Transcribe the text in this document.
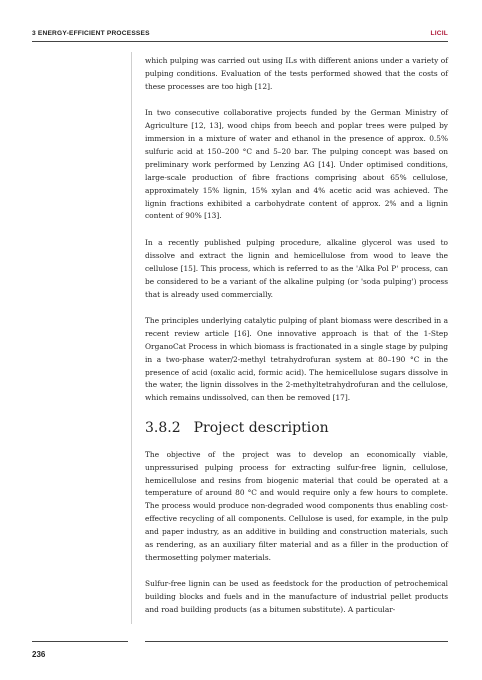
3 ENERGY-EFFICIENT PROCESSES	LICIL

which pulping was carried out using ILs with different anions under a variety of pulping conditions. Evaluation of the tests performed showed that the costs of these processes are too high [12].

In two consecutive collaborative projects funded by the German Ministry of Agriculture [12, 13], wood chips from beech and poplar trees were pulped by immersion in a mixture of water and ethanol in the presence of approx. 0.5% sulfuric acid at 150–200 °C and 5–20 bar. The pulping concept was based on preliminary work performed by Lenzing AG [14]. Under optimised conditions, large-scale production of fibre fractions comprising about 65% cellulose, approximately 15% lignin, 15% xylan and 4% acetic acid was achieved. The lignin fractions exhibited a carbohydrate content of approx. 2% and a lignin content of 90% [13].

In a recently published pulping procedure, alkaline glycerol was used to dissolve and extract the lignin and hemicellulose from wood to leave the cellulose [15]. This process, which is referred to as the 'Alka Pol P' process, can be considered to be a variant of the alkaline pulping (or 'soda pulping') process that is already used commercially.

The principles underlying catalytic pulping of plant biomass were described in a recent review article [16]. One innovative approach is that of the 1-Step OrganoCat Process in which biomass is fractionated in a single stage by pulping in a two-phase water/2-methyl tetrahydrofuran system at 80–190 °C in the presence of acid (oxalic acid, formic acid). The hemicellulose sugars dissolve in the water, the lignin dissolves in the 2-methyltetrahydrofuran and the cellulose, which remains undissolved, can then be removed [17].

3.8.2 Project description

The objective of the project was to develop an economically viable, unpressurised pulping process for extracting sulfur-free lignin, cellulose, hemicellulose and resins from biogenic material that could be operated at a temperature of around 80 °C and would require only a few hours to complete. The process would produce non-degraded wood components thus enabling cost-effective recycling of all components. Cellulose is used, for example, in the pulp and paper industry, as an additive in building and construction materials, such as rendering, as an auxiliary filter material and as a filler in the production of thermosetting polymer materials.

Sulfur-free lignin can be used as feedstock for the production of petrochemical building blocks and fuels and in the manufacture of industrial pellet products and road building products (as a bitumen substitute). A particular-

236
